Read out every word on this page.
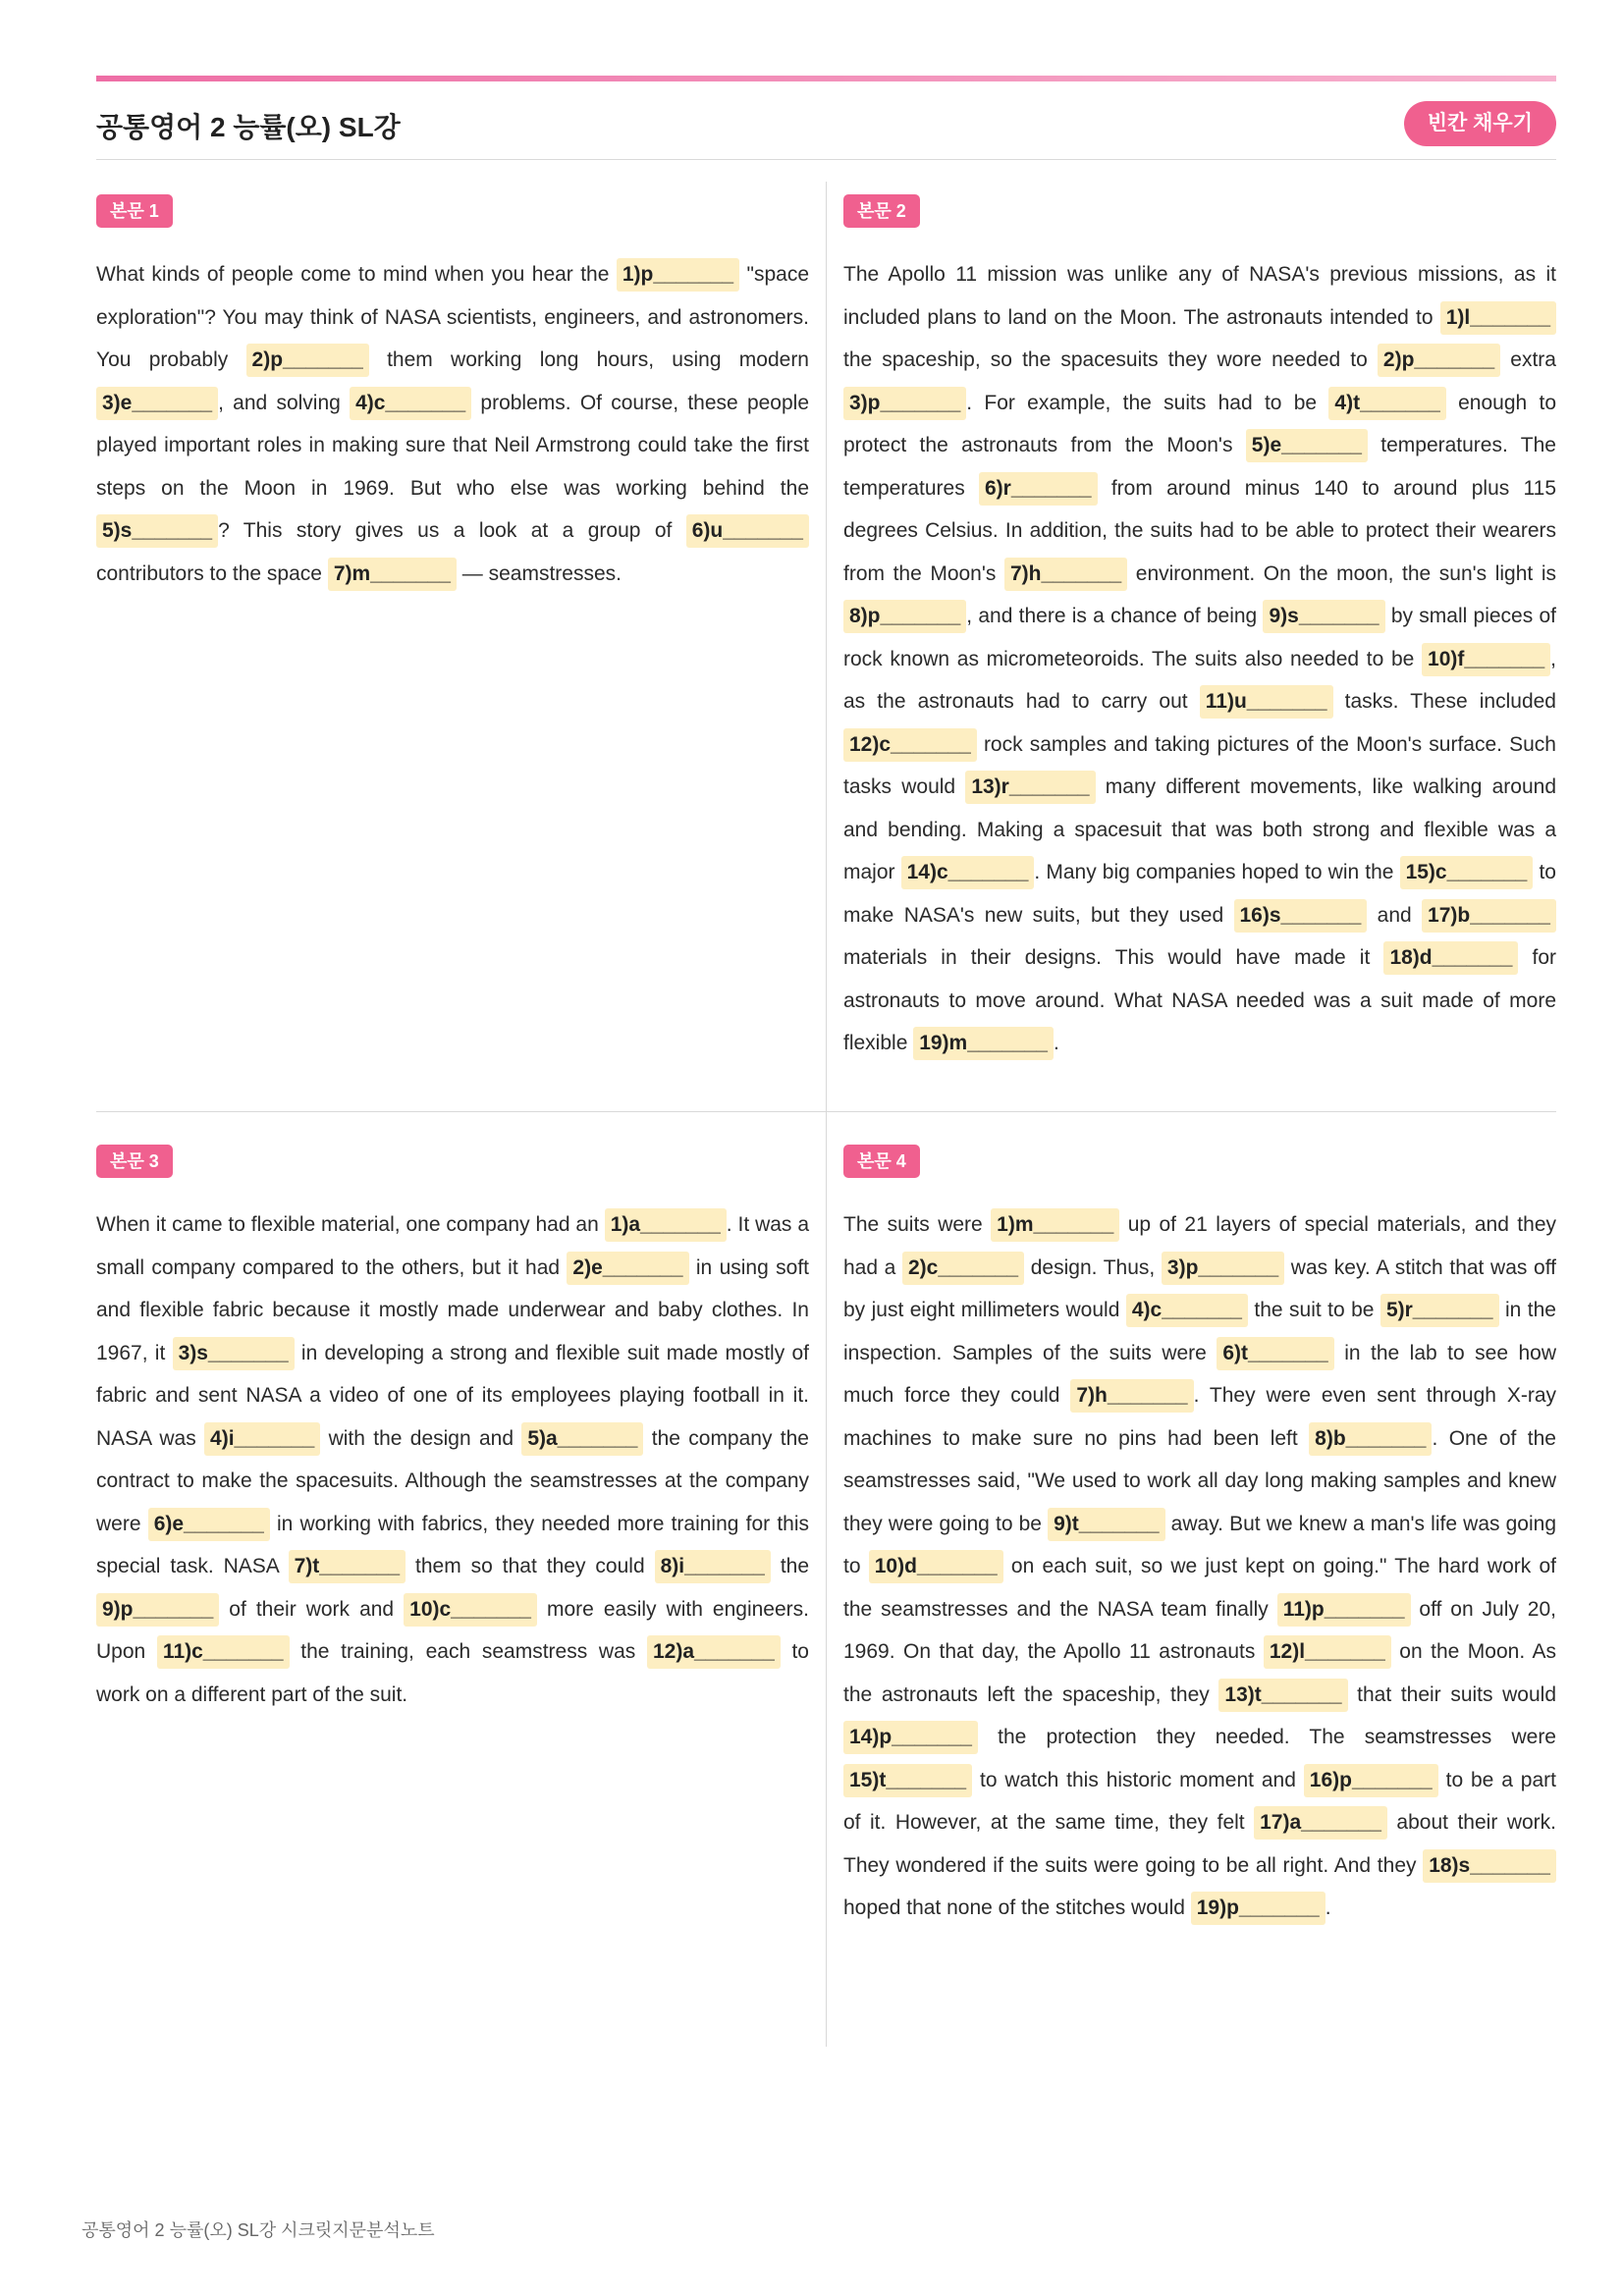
공통영어 2 능률(오) SL강	빈칸 채우기
본문 1
What kinds of people come to mind when you hear the 1)p_______ "space exploration"? You may think of NASA scientists, engineers, and astronomers. You probably 2)p_______ them working long hours, using modern 3)e_______ , and solving 4)c_______ problems. Of course, these people played important roles in making sure that Neil Armstrong could take the first steps on the Moon in 1969. But who else was working behind the 5)s_______ ? This story gives us a look at a group of 6)u_______ contributors to the space 7)m_______ — seamstresses.
본문 2
The Apollo 11 mission was unlike any of NASA's previous missions, as it included plans to land on the Moon. The astronauts intended to 1)l_______ the spaceship, so the spacesuits they wore needed to 2)p_______ extra 3)p_______ . For example, the suits had to be 4)t_______ enough to protect the astronauts from the Moon's 5)e_______ temperatures. The temperatures 6)r_______ from around minus 140 to around plus 115 degrees Celsius. In addition, the suits had to be able to protect their wearers from the Moon's 7)h_______ environment. On the moon, the sun's light is 8)p_______ , and there is a chance of being 9)s_______ by small pieces of rock known as micrometeoroids. The suits also needed to be 10)f_______ , as the astronauts had to carry out 11)u_______ tasks. These included 12)c_______ rock samples and taking pictures of the Moon's surface. Such tasks would 13)r_______ many different movements, like walking around and bending. Making a spacesuit that was both strong and flexible was a major 14)c_______ . Many big companies hoped to win the 15)c_______ to make NASA's new suits, but they used 16)s_______ and 17)b_______ materials in their designs. This would have made it 18)d_______ for astronauts to move around. What NASA needed was a suit made of more flexible 19)m_______ .
본문 3
When it came to flexible material, one company had an 1)a_______ . It was a small company compared to the others, but it had 2)e_______ in using soft and flexible fabric because it mostly made underwear and baby clothes. In 1967, it 3)s_______ in developing a strong and flexible suit made mostly of fabric and sent NASA a video of one of its employees playing football in it. NASA was 4)i_______ with the design and 5)a_______ the company the contract to make the spacesuits. Although the seamstresses at the company were 6)e_______ in working with fabrics, they needed more training for this special task. NASA 7)t_______ them so that they could 8)i_______ the 9)p_______ of their work and 10)c_______ more easily with engineers. Upon 11)c_______ the training, each seamstress was 12)a_______ to work on a different part of the suit.
본문 4
The suits were 1)m_______ up of 21 layers of special materials, and they had a 2)c_______ design. Thus, 3)p_______ was key. A stitch that was off by just eight millimeters would 4)c_______ the suit to be 5)r_______ in the inspection. Samples of the suits were 6)t_______ in the lab to see how much force they could 7)h_______ . They were even sent through X-ray machines to make sure no pins had been left 8)b_______ . One of the seamstresses said, "We used to work all day long making samples and knew they were going to be 9)t_______ away. But we knew a man's life was going to 10)d_______ on each suit, so we just kept on going." The hard work of the seamstresses and the NASA team finally 11)p_______ off on July 20, 1969. On that day, the Apollo 11 astronauts 12)l_______ on the Moon. As the astronauts left the spaceship, they 13)t_______ that their suits would 14)p_______ the protection they needed. The seamstresses were 15)t_______ to watch this historic moment and 16)p_______ to be a part of it. However, at the same time, they felt 17)a_______ about their work. They wondered if the suits were going to be all right. And they 18)s_______ hoped that none of the stitches would 19)p_______ .
공통영어 2 능률(오) SL강 시크릿지문분석노트
